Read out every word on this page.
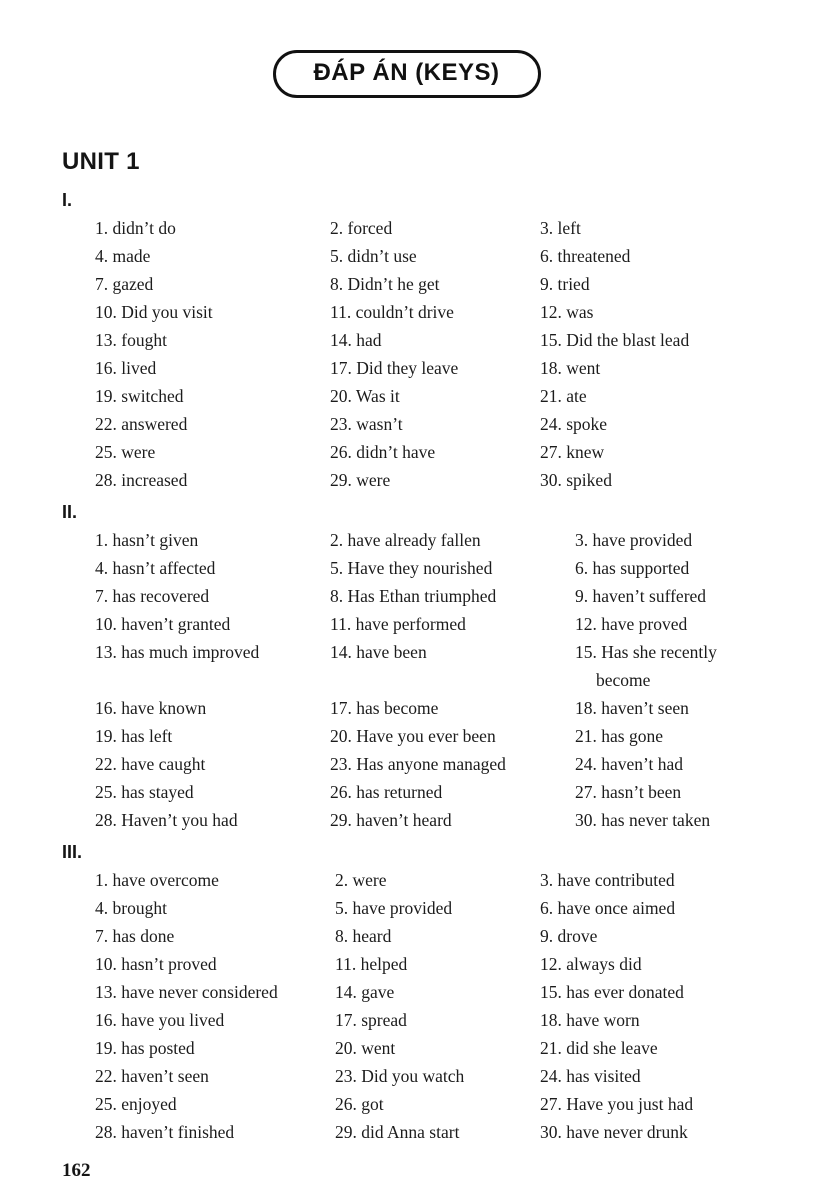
ĐÁP ÁN (KEYS)
UNIT 1
I.
1. didn’t do	2. forced	3. left
4. made	5. didn’t use	6. threatened
7. gazed	8. Didn’t he get	9. tried
10. Did you visit	11. couldn’t drive	12. was
13. fought	14. had	15. Did the blast lead
16. lived	17. Did they leave	18. went
19. switched	20. Was it	21. ate
22. answered	23. wasn’t	24. spoke
25. were	26. didn’t have	27. knew
28. increased	29. were	30. spiked
II.
1. hasn’t given	2. have already fallen	3. have provided
4. hasn’t affected	5. Have they nourished	6. has supported
7. has recovered	8. Has Ethan triumphed	9. haven’t suffered
10. haven’t granted	11. have performed	12. have proved
13. has much improved	14. have been	15. Has she recently become
16. have known	17. has become	18. haven’t seen
19. has left	20. Have you ever been	21. has gone
22. have caught	23. Has anyone managed	24. haven’t had
25. has stayed	26. has returned	27. hasn’t been
28. Haven’t you had	29. haven’t heard	30. has never taken
III.
1. have overcome	2. were	3. have contributed
4. brought	5. have provided	6. have once aimed
7. has done	8. heard	9. drove
10. hasn’t proved	11. helped	12. always did
13. have never considered	14. gave	15. has ever donated
16. have you lived	17. spread	18. have worn
19. has posted	20. went	21. did she leave
22. haven’t seen	23. Did you watch	24. has visited
25. enjoyed	26. got	27. Have you just had
28. haven’t finished	29. did Anna start	30. have never drunk
162
